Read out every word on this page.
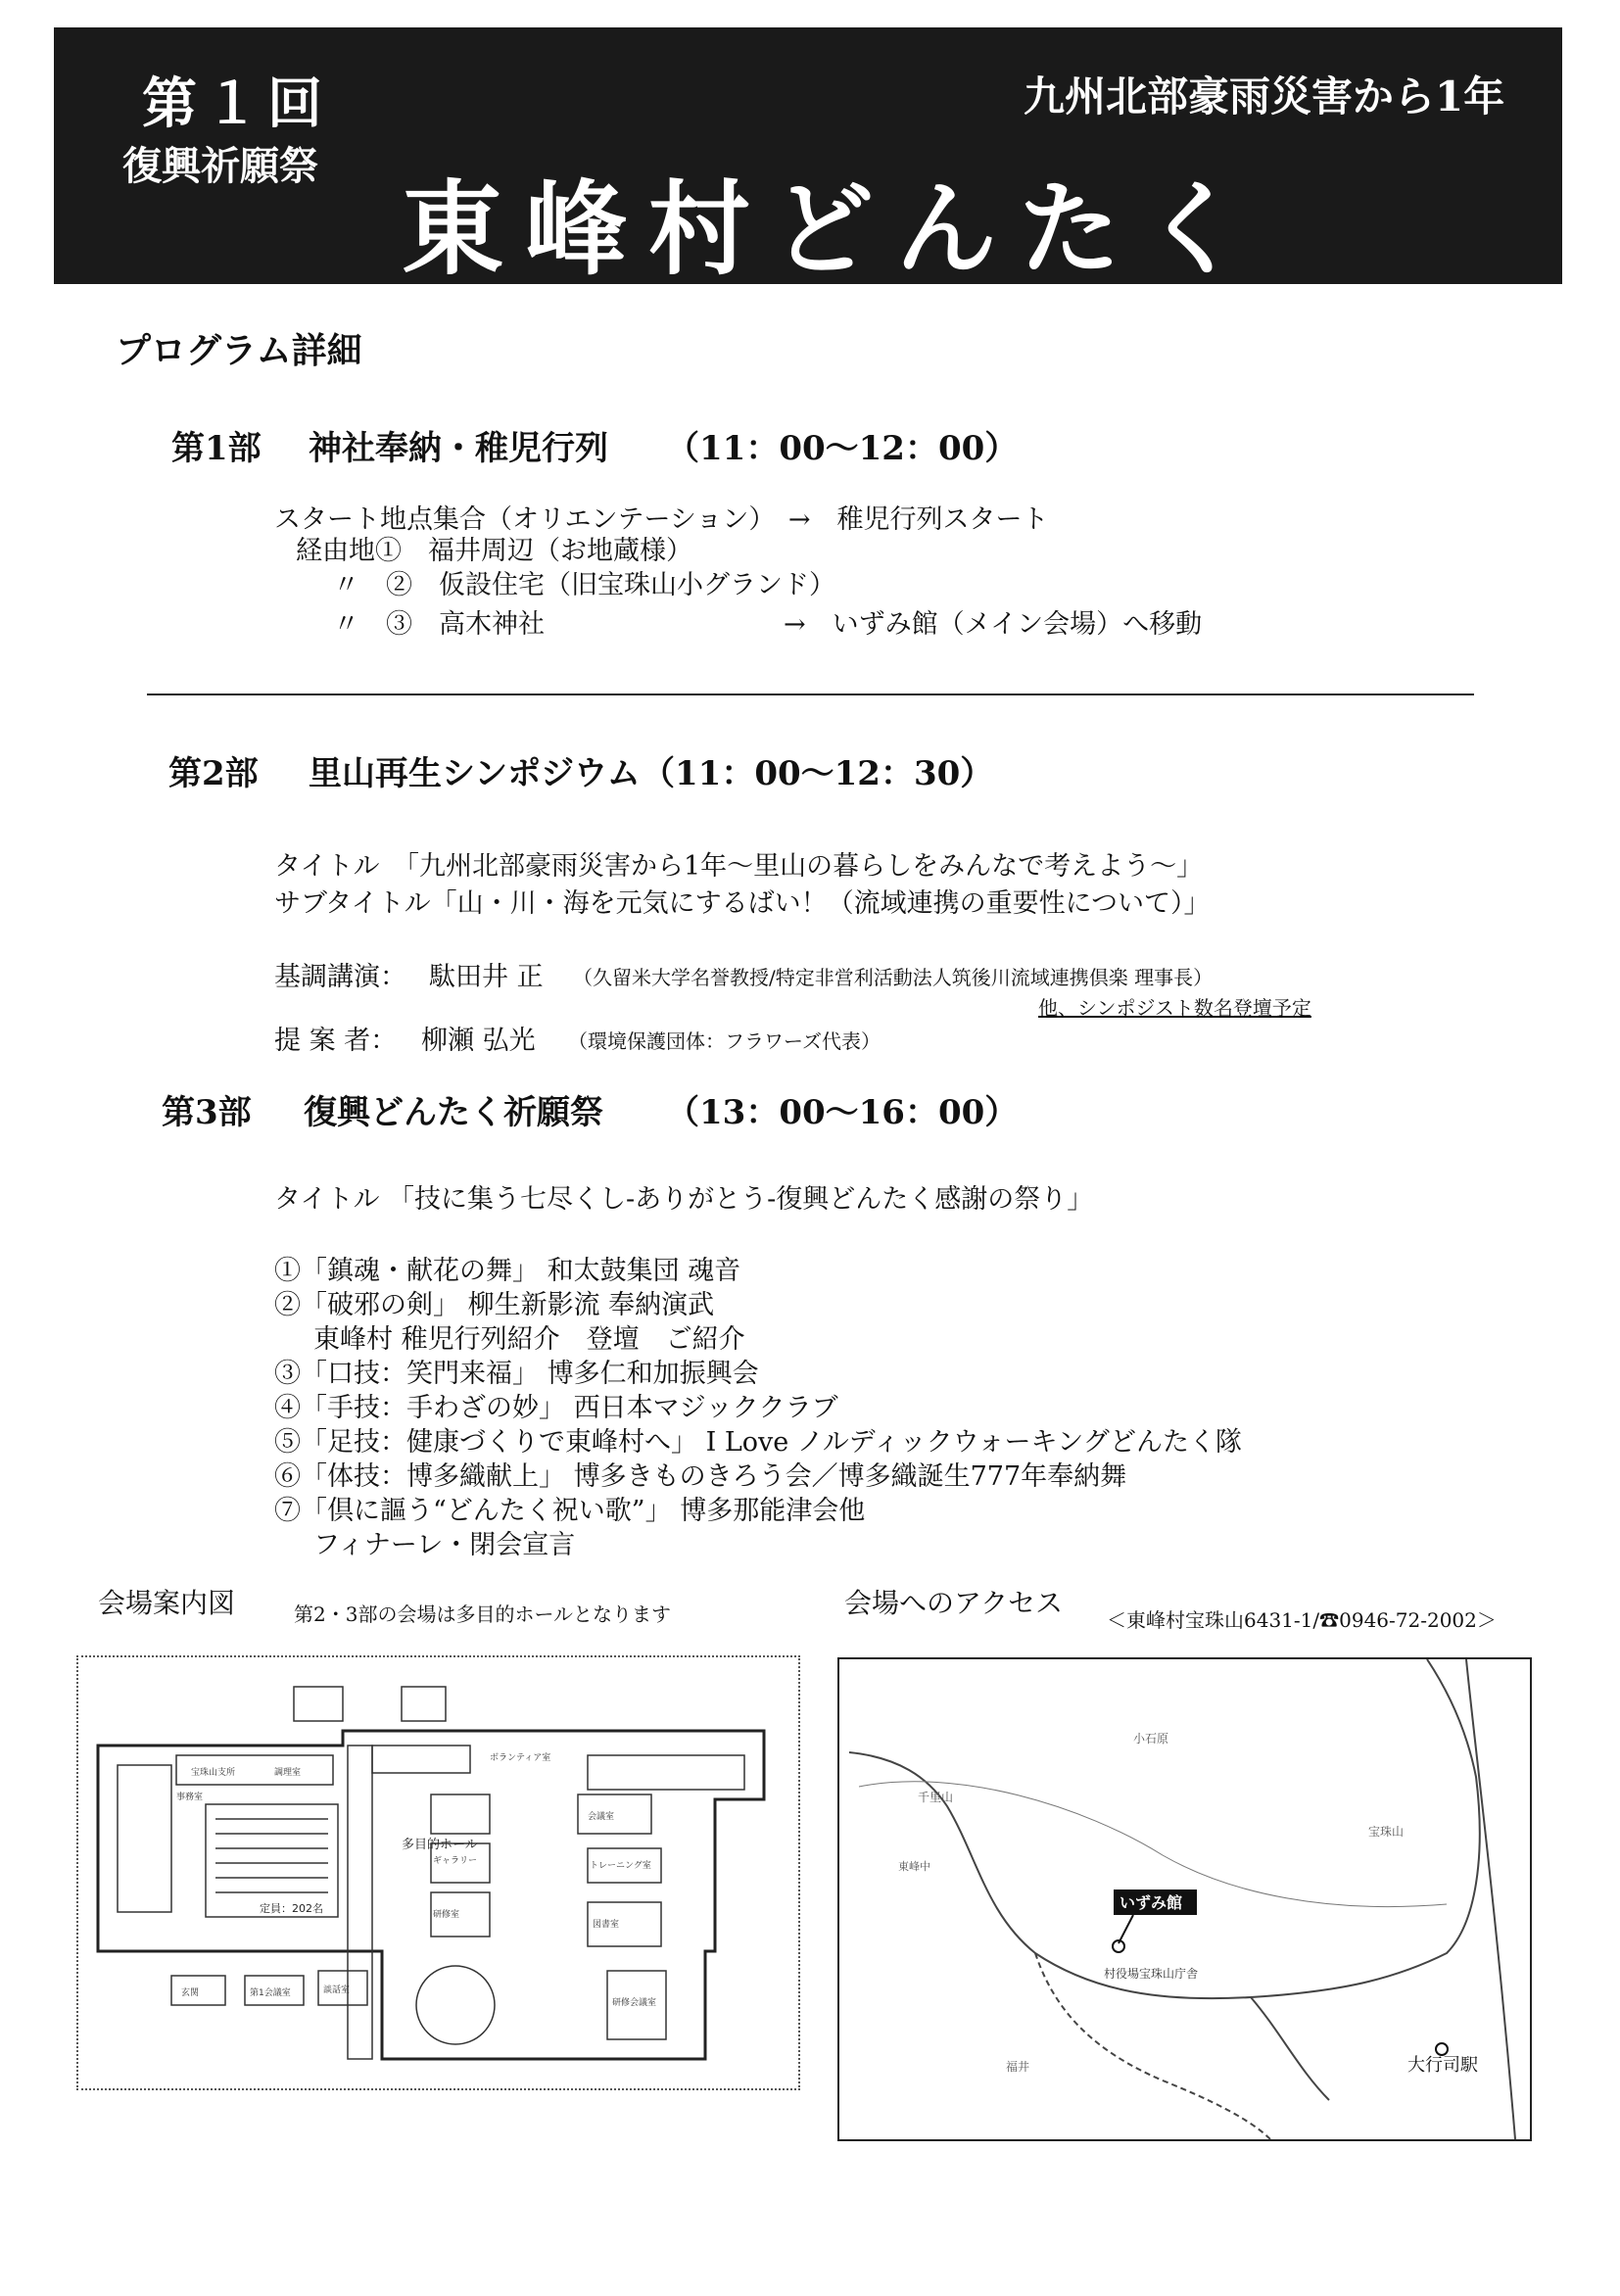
第１回
復興祈願祭
九州北部豪雨災害から1年
東峰村どんたく
プログラム詳細
第1部 神社奉納・稚児行列 （11：00～12：00）
スタート地点集合（オリエンテーション）　→　稚児行列スタート
経由地①　福井周辺（お地蔵様）
〃　②　仮設住宅（旧宝珠山小グランド）
〃　③　高木神社	→　いずみ館（メイン会場）へ移動
第2部 里山再生シンポジウム （11：00～12：30）
タイトル　「九州北部豪雨災害から1年～里山の暮らしをみんなで考えよう～」
サブタイトル「山・川・海を元気にするばい！（流域連携の重要性について）」
基調講演： 駄田井 正 （久留米大学名誉教授/特定非営利活動法人筑後川流域連携倶楽 理事長）
他、シンポジスト数名登壇予定
提 案 者： 柳瀬 弘光 （環境保護団体：フラワーズ代表）
第3部 復興どんたく祈願祭 （13：00～16：00）
タイトル 「技に集う七尽くし-ありがとう-復興どんたく感謝の祭り」
①「鎮魂・献花の舞」 和太鼓集団 魂音
②「破邪の剣」 柳生新影流 奉納演武
東峰村 稚児行列紹介　登壇　ご紹介
③「口技：笑門来福」 博多仁和加振興会
④「手技：手わざの妙」 西日本マジッククラブ
⑤「足技：健康づくりで東峰村へ」 I Love ノルディックウォーキングどんたく隊
⑥「体技：博多織献上」 博多きものきろう会／博多織誕生777年奉納舞
⑦「倶に謳う“どんたく祝い歌”」 博多那能津会他
フィナーレ・閉会宣言
会場案内図	第2・3部の会場は多目的ホールとなります	会場へのアクセス
＜東峰村宝珠山6431-1/☎0946-72-2002＞
多目的ホール
定員：202名
宝珠山支所	調理室
事務室
ボランティア室
ギャラリー
研修室
会議室
トレーニング室
図書室
玄関	第1会議室
研修会議室
談話室
いずみ館
村役場宝珠山庁舎
大行司駅
小石原
宝珠山
福井
千里山
東峰中
